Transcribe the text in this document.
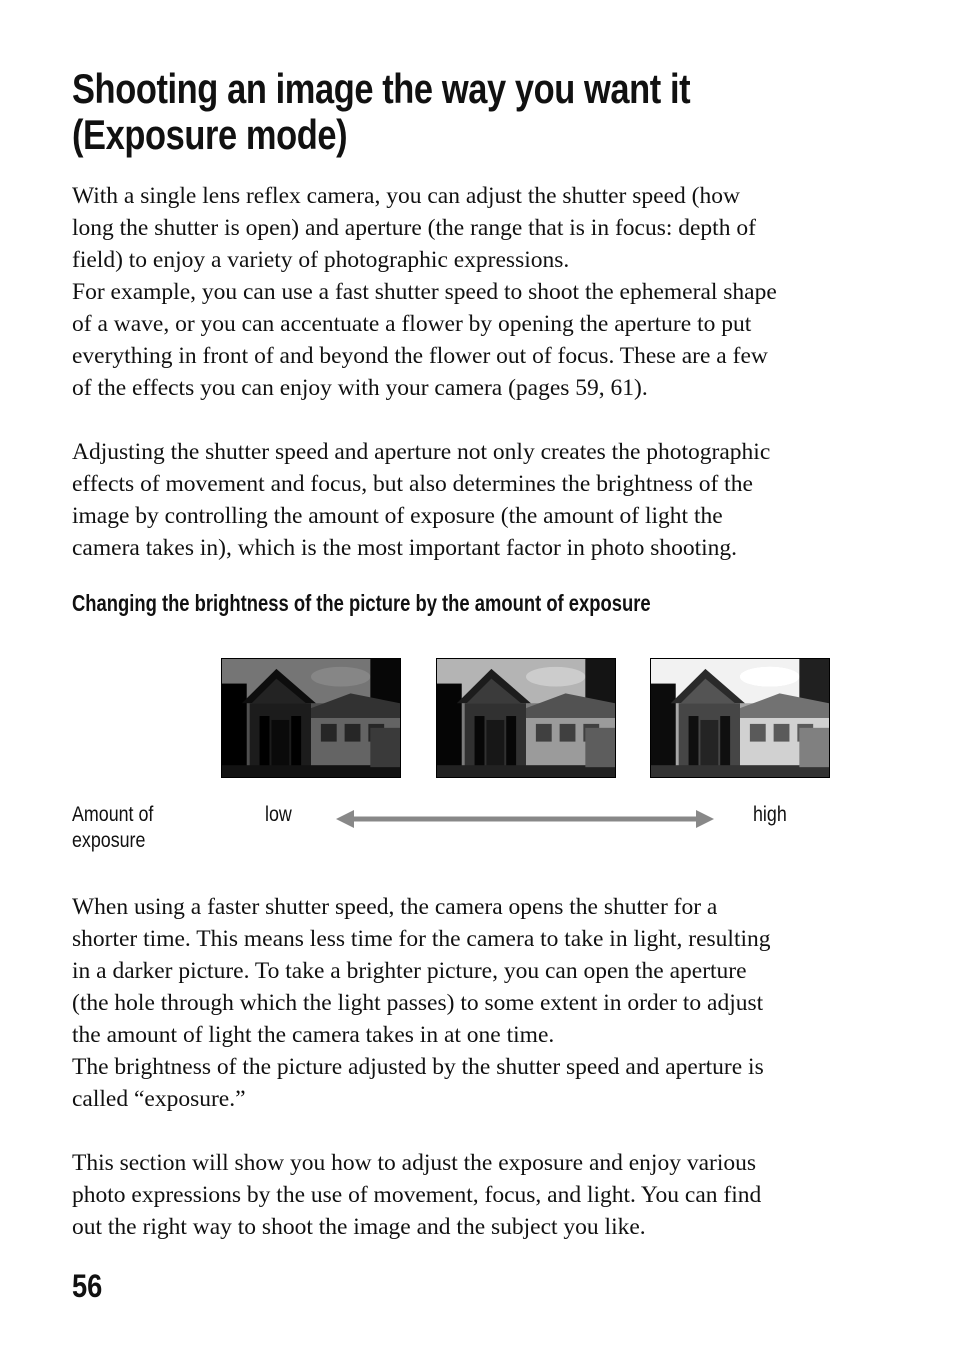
Shooting an image the way you want it
(Exposure mode)

With a single lens reflex camera, you can adjust the shutter speed (how
long the shutter is open) and aperture (the range that is in focus: depth of
field) to enjoy a variety of photographic expressions.
For example, you can use a fast shutter speed to shoot the ephemeral shape
of a wave, or you can accentuate a flower by opening the aperture to put
everything in front of and beyond the flower out of focus. These are a few
of the effects you can enjoy with your camera (pages 59, 61).

Adjusting the shutter speed and aperture not only creates the photographic
effects of movement and focus, but also determines the brightness of the
image by controlling the amount of exposure (the amount of light the
camera takes in), which is the most important factor in photo shooting.

Changing the brightness of the picture by the amount of exposure
Amount of
exposure
low	high

When using a faster shutter speed, the camera opens the shutter for a
shorter time. This means less time for the camera to take in light, resulting
in a darker picture. To take a brighter picture, you can open the aperture
(the hole through which the light passes) to some extent in order to adjust
the amount of light the camera takes in at one time.
The brightness of the picture adjusted by the shutter speed and aperture is
called “exposure.”

This section will show you how to adjust the exposure and enjoy various
photo expressions by the use of movement, focus, and light. You can find
out the right way to shoot the image and the subject you like.

56
